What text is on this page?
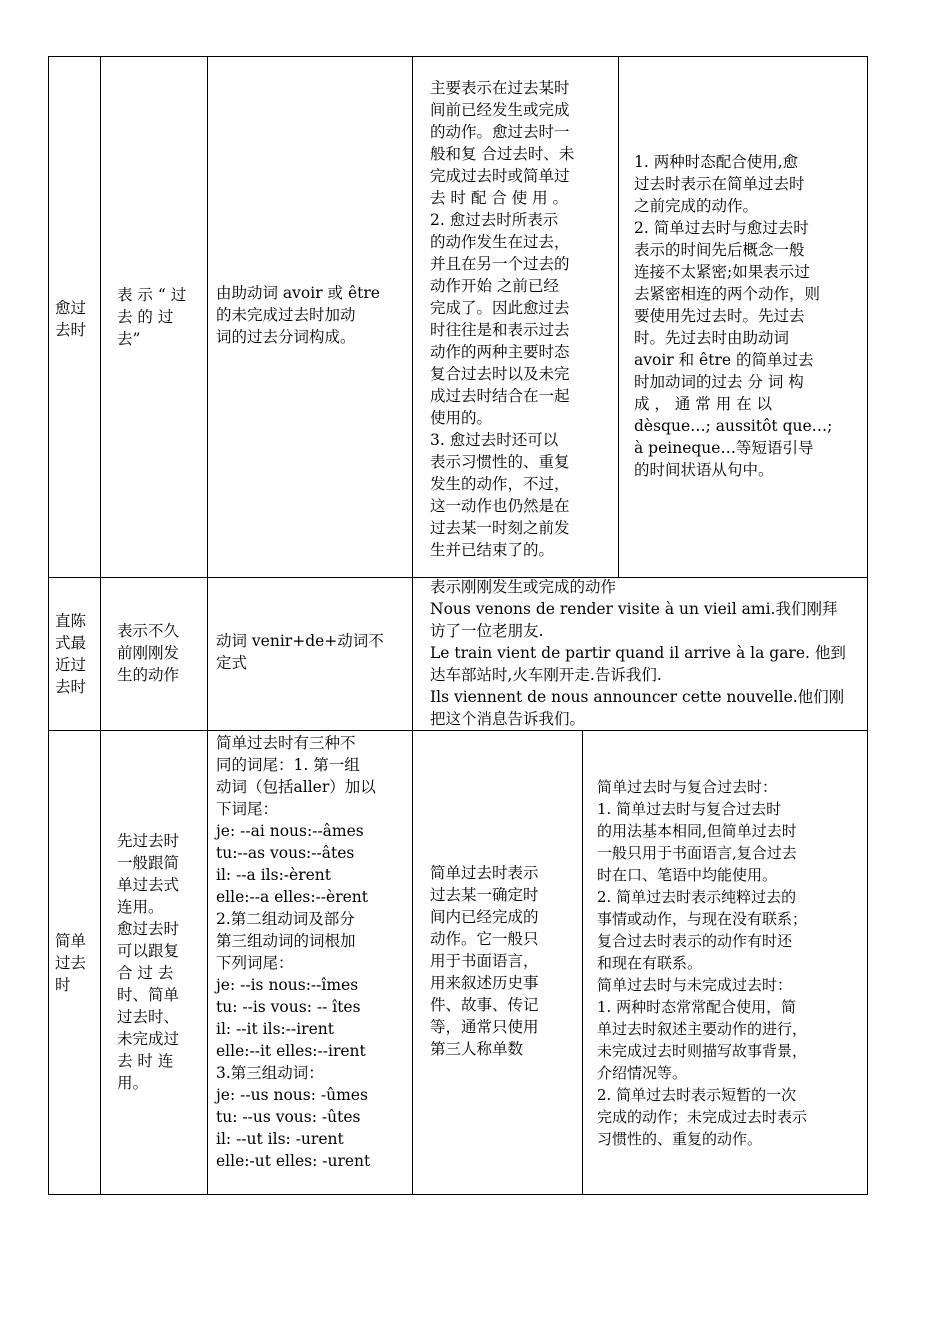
愈过去时
表 示 “ 过
去 的 过
去”
由助动词 avoir 或 être
的未完成过去时加动
词的过去分词构成。
主要表示在过去某时
间前已经发生或完成
的动作。愈过去时一
般和复 合过去时、未
完成过去时或简单过
去 时 配 合 使 用 。
2. 愈过去时所表示
的动作发生在过去，
并且在另一个过去的
动作开始 之前已经
完成了。因此愈过去
时往往是和表示过去
动作的两种主要时态
复合过去时以及未完
成过去时结合在一起
使用的。
3. 愈过去时还可以
表示习惯性的、重复
发生的动作，不过，
这一动作也仍然是在
过去某一时刻之前发
生并已结束了的。
1. 两种时态配合使用,愈
过去时表示在简单过去时
之前完成的动作。
2. 简单过去时与愈过去时
表示的时间先后概念一般
连接不太紧密;如果表示过
去紧密相连的两个动作，则
要使用先过去时。先过去
时。先过去时由助动词
avoir 和 être 的简单过去
时加动词的过去 分 词 构
成 ， 通 常 用 在 以
dèsque…; aussitôt que…;
à peineque…等短语引导
的时间状语从句中。
直陈
式最
近过
去时
表示不久
前刚刚发
生的动作
动词 venir+de+动词不
定式
表示刚刚发生或完成的动作
Nous venons de render visite à un vieil ami.我们刚拜
访了一位老朋友.
Le train vient de partir quand il arrive à la gare. 他到
达车部站时,火车刚开走.告诉我们.
Ils viennent de nous announcer cette nouvelle.他们刚
把这个消息告诉我们。
简单
过去
时
先过去时
一般跟简
单过去式
连用。
愈过去时
可以跟复
合 过 去
时、简单
过去时、
未完成过
去 时 连
用。
简单过去时有三种不
同的词尾：1. 第一组
动词（包括aller）加以
下词尾：
je: --ai nous:--âmes
tu:--as vous:--âtes
il: --a ils:-èrent
elle:--a elles:--èrent
2.第二组动词及部分
第三组动词的词根加
下列词尾：
je: --is nous:--îmes
tu: --is vous: -- îtes
il: --it ils:--irent
elle:--it elles:--irent
3.第三组动词：
je: --us nous: -ûmes
tu: --us vous: -ûtes
il: --ut ils: -urent
elle:-ut elles: -urent
简单过去时表示
过去某一确定时
间内已经完成的
动作。它一般只
用于书面语言，
用来叙述历史事
件、故事、传记
等，通常只使用
第三人称单数
简单过去时与复合过去时：
1. 简单过去时与复合过去时
的用法基本相同,但简单过去时
一般只用于书面语言,复合过去
时在口、笔语中均能使用。
2. 简单过去时表示纯粹过去的
事情或动作，与现在没有联系；
复合过去时表示的动作有时还
和现在有联系。
简单过去时与未完成过去时：
1. 两种时态常常配合使用，简
单过去时叙述主要动作的进行，
未完成过去时则描写故事背景，
介绍情况等。
2. 简单过去时表示短暂的一次
完成的动作；未完成过去时表示
习惯性的、重复的动作。
